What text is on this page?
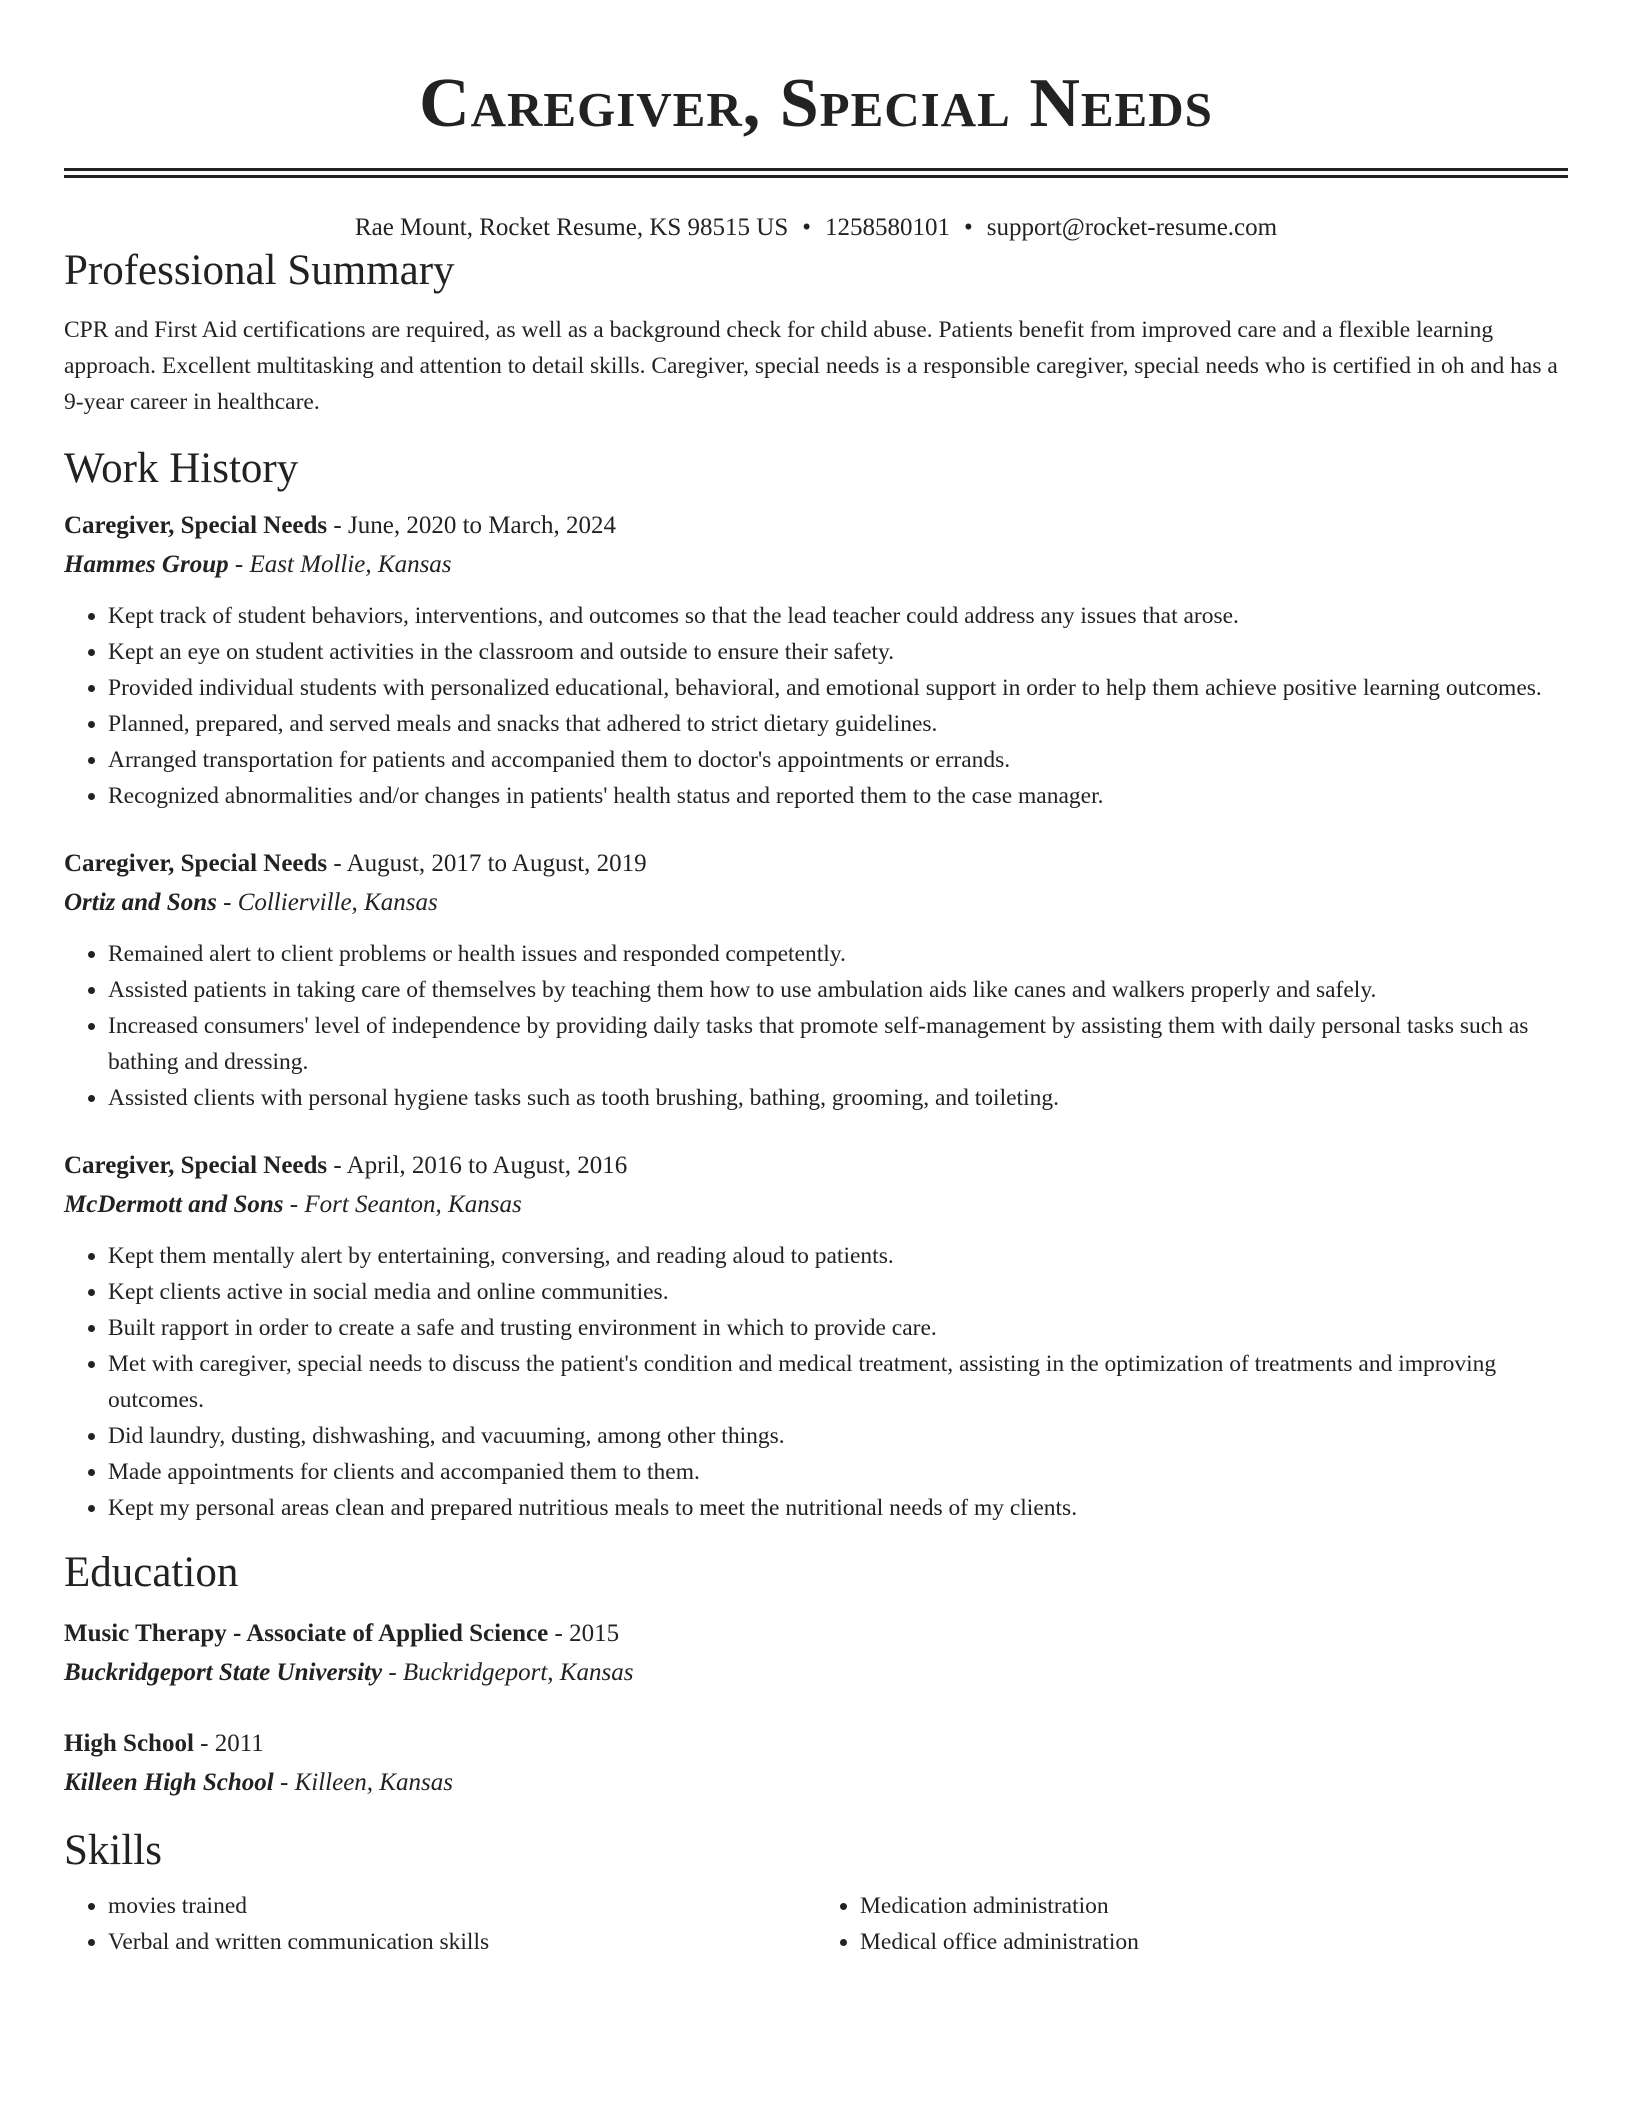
Caregiver, Special Needs
Rae Mount, Rocket Resume, KS 98515 US • 1258580101 • support@rocket-resume.com
Professional Summary
CPR and First Aid certifications are required, as well as a background check for child abuse. Patients benefit from improved care and a flexible learning approach. Excellent multitasking and attention to detail skills. Caregiver, special needs is a responsible caregiver, special needs who is certified in oh and has a 9-year career in healthcare.
Work History
Caregiver, Special Needs - June, 2020 to March, 2024
Hammes Group - East Mollie, Kansas
• Kept track of student behaviors, interventions, and outcomes so that the lead teacher could address any issues that arose.
• Kept an eye on student activities in the classroom and outside to ensure their safety.
• Provided individual students with personalized educational, behavioral, and emotional support in order to help them achieve positive learning outcomes.
• Planned, prepared, and served meals and snacks that adhered to strict dietary guidelines.
• Arranged transportation for patients and accompanied them to doctor's appointments or errands.
• Recognized abnormalities and/or changes in patients' health status and reported them to the case manager.
Caregiver, Special Needs - August, 2017 to August, 2019
Ortiz and Sons - Collierville, Kansas
• Remained alert to client problems or health issues and responded competently.
• Assisted patients in taking care of themselves by teaching them how to use ambulation aids like canes and walkers properly and safely.
• Increased consumers' level of independence by providing daily tasks that promote self-management by assisting them with daily personal tasks such as bathing and dressing.
• Assisted clients with personal hygiene tasks such as tooth brushing, bathing, grooming, and toileting.
Caregiver, Special Needs - April, 2016 to August, 2016
McDermott and Sons - Fort Seanton, Kansas
• Kept them mentally alert by entertaining, conversing, and reading aloud to patients.
• Kept clients active in social media and online communities.
• Built rapport in order to create a safe and trusting environment in which to provide care.
• Met with caregiver, special needs to discuss the patient's condition and medical treatment, assisting in the optimization of treatments and improving outcomes.
• Did laundry, dusting, dishwashing, and vacuuming, among other things.
• Made appointments for clients and accompanied them to them.
• Kept my personal areas clean and prepared nutritious meals to meet the nutritional needs of my clients.
Education
Music Therapy - Associate of Applied Science - 2015
Buckridgeport State University - Buckridgeport, Kansas
High School - 2011
Killeen High School - Killeen, Kansas
Skills
• movies trained
• Verbal and written communication skills
• Medication administration
• Medical office administration
